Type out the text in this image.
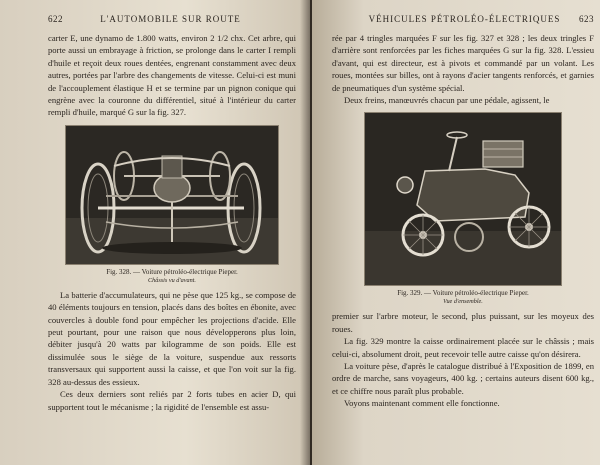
622	L'AUTOMOBILE SUR ROUTE

carter E, une dynamo de 1.800 watts, environ 2 1/2 chx. Cet arbre, qui porte aussi un embrayage à friction, se prolonge dans le carter I rempli d'huile et reçoit deux roues dentées, engrenant constamment avec deux autres, portées par l'arbre des changements de vitesse. Celui-ci est muni de l'accouplement élastique H et se termine par un pignon conique qui engrène avec la couronne du différentiel, situé à l'intérieur du carter rempli d'huile, marqué G sur la fig. 327.

Fig. 328. — Voiture pétroléo-électrique Pieper.
Châssis vu d'avant.

La batterie d'accumulateurs, qui ne pèse que 125 kg., se compose de 40 éléments toujours en tension, placés dans des boîtes en ébonite, avec couvercles à double fond pour empêcher les projections d'acide. Elle peut pourtant, pour une raison que nous développerons plus loin, débiter jusqu'à 20 watts par kilogramme de son poids. Elle est dissimulée sous le siège de la voiture, suspendue aux ressorts transversaux qui supportent aussi la caisse, et que l'on voit sur la fig. 328 au-dessus des essieux.

Ces deux derniers sont reliés par 2 forts tubes en acier D, qui supportent tout le mécanisme ; la rigidité de l'ensemble est assu-

VÉHICULES PÉTROLÉO-ÉLECTRIQUES 623

rée par 4 tringles marquées F sur les fig. 327 et 328 ; les deux tringles F d'arrière sont renforcées par les fiches marquées G sur la fig. 328. L'essieu d'avant, qui est directeur, est à pivots et commandé par un volant. Les roues, montées sur billes, ont à rayons d'acier tangents renforcés, et garnies de pneumatiques d'un système spécial.

Deux freins, manœuvrés chacun par une pédale, agissent, le

Fig. 329. — Voiture pétroléo-électrique Pieper.
Vue d'ensemble.

premier sur l'arbre moteur, le second, plus puissant, sur les moyeux des roues.

La fig. 329 montre la caisse ordinairement placée sur le châssis ; mais celui-ci, absolument droit, peut recevoir telle autre caisse qu'on désirera.

La voiture pèse, d'après le catalogue distribué à l'Exposition de 1899, en ordre de marche, sans voyageurs, 400 kg. ; certains auteurs disent 600 kg., et ce chiffre nous paraît plus probable.

Voyons maintenant comment elle fonctionne.
